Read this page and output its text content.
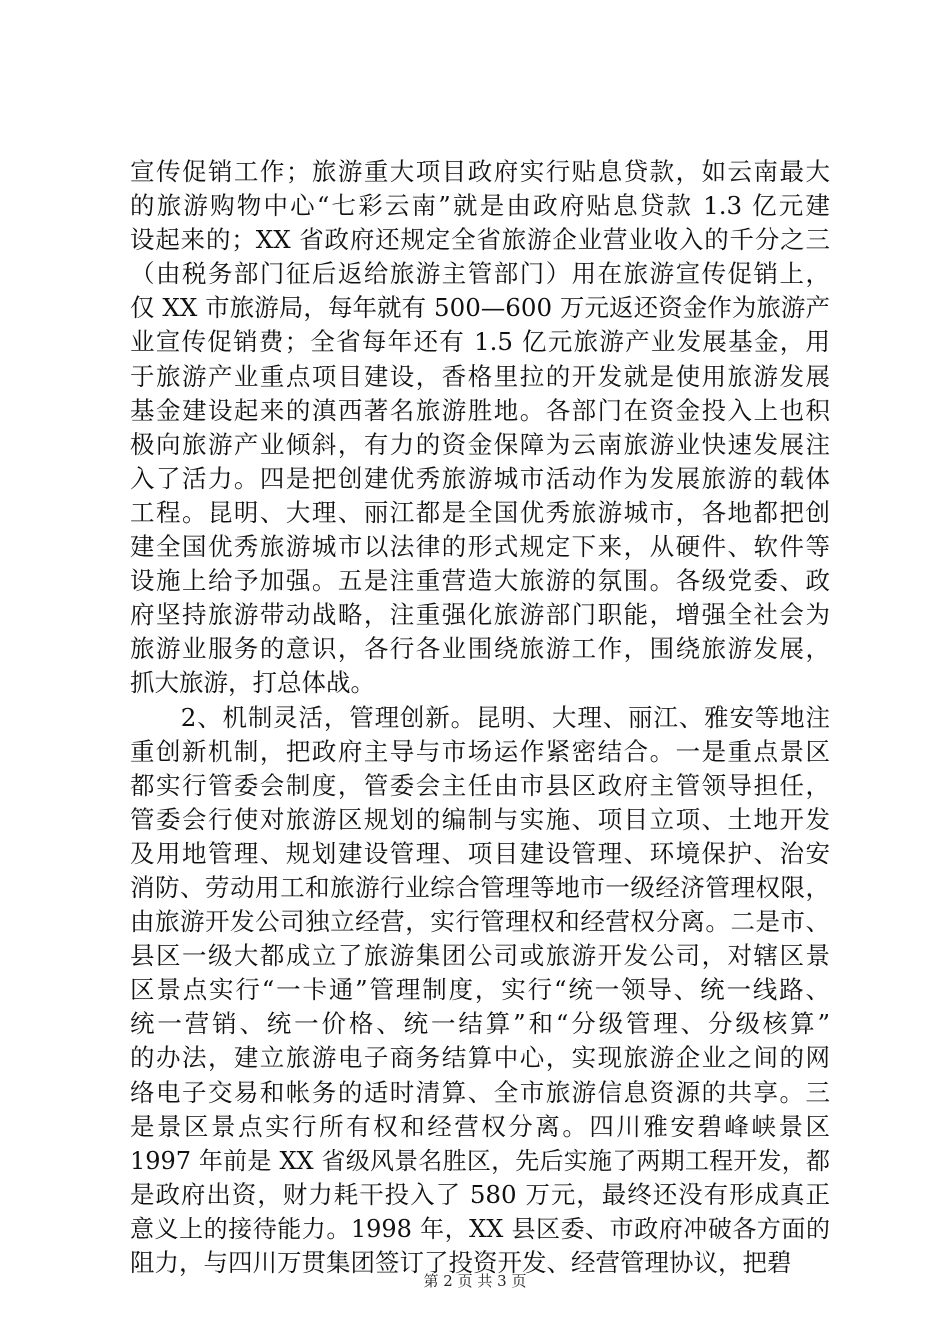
宣传促销工作；旅游重大项目政府实行贴息贷款，如云南最大
的旅游购物中心“七彩云南”就是由政府贴息贷款 1.3 亿元建
设起来的；XX 省政府还规定全省旅游企业营业收入的千分之三
（由税务部门征后返给旅游主管部门）用在旅游宣传促销上，
仅 XX 市旅游局，每年就有 500—600 万元返还资金作为旅游产
业宣传促销费；全省每年还有 1.5 亿元旅游产业发展基金，用
于旅游产业重点项目建设，香格里拉的开发就是使用旅游发展
基金建设起来的滇西著名旅游胜地。各部门在资金投入上也积
极向旅游产业倾斜，有力的资金保障为云南旅游业快速发展注
入了活力。四是把创建优秀旅游城市活动作为发展旅游的载体
工程。昆明、大理、丽江都是全国优秀旅游城市，各地都把创
建全国优秀旅游城市以法律的形式规定下来，从硬件、软件等
设施上给予加强。五是注重营造大旅游的氛围。各级党委、政
府坚持旅游带动战略，注重强化旅游部门职能，增强全社会为
旅游业服务的意识，各行各业围绕旅游工作，围绕旅游发展，
抓大旅游，打总体战。
　　2、机制灵活，管理创新。昆明、大理、丽江、雅安等地注
重创新机制，把政府主导与市场运作紧密结合。一是重点景区
都实行管委会制度，管委会主任由市县区政府主管领导担任，
管委会行使对旅游区规划的编制与实施、项目立项、土地开发
及用地管理、规划建设管理、项目建设管理、环境保护、治安
消防、劳动用工和旅游行业综合管理等地市一级经济管理权限，
由旅游开发公司独立经营，实行管理权和经营权分离。二是市、
县区一级大都成立了旅游集团公司或旅游开发公司，对辖区景
区景点实行“一卡通”管理制度，实行“统一领导、统一线路、
统一营销、统一价格、统一结算”和“分级管理、分级核算”
的办法，建立旅游电子商务结算中心，实现旅游企业之间的网
络电子交易和帐务的适时清算、全市旅游信息资源的共享。三
是景区景点实行所有权和经营权分离。四川雅安碧峰峡景区
1997 年前是 XX 省级风景名胜区，先后实施了两期工程开发，都
是政府出资，财力耗干投入了 580 万元，最终还没有形成真正
意义上的接待能力。1998 年，XX 县区委、市政府冲破各方面的
阻力，与四川万贯集团签订了投资开发、经营管理协议，把碧
第 2 页 共 3 页
